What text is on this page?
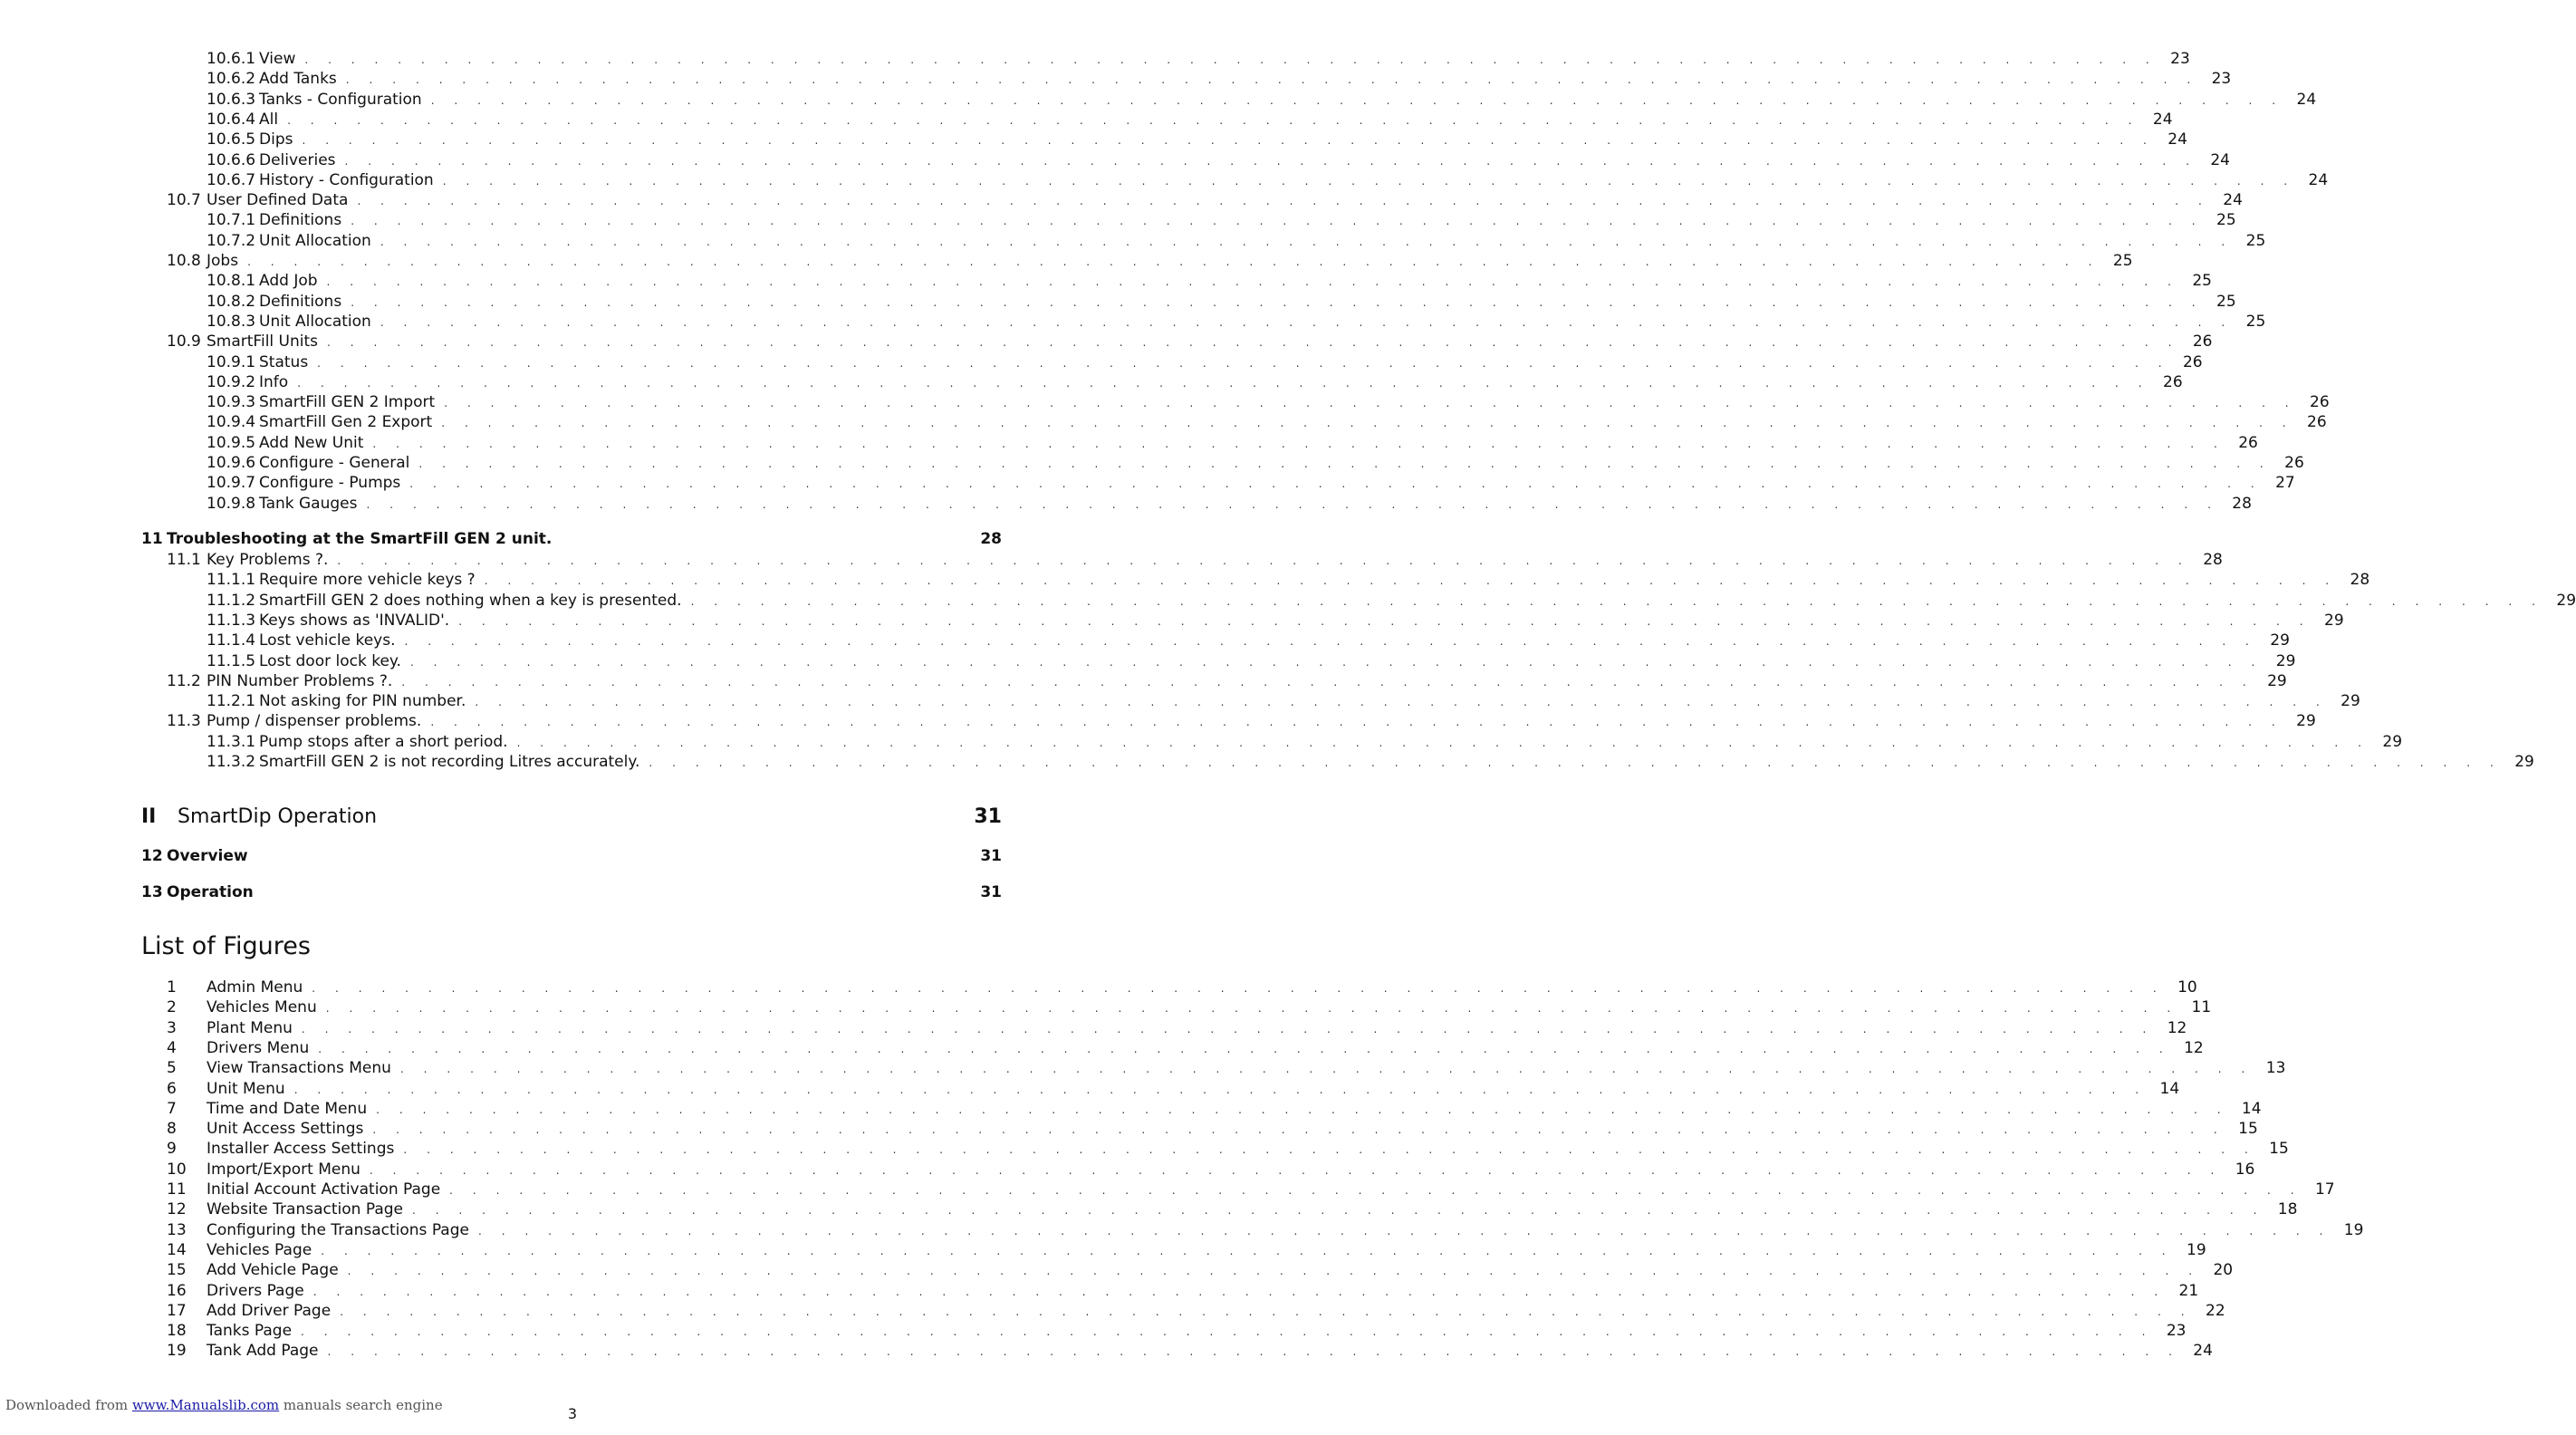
10.6.1 View . . . . . . . . . . . . . . . . . . . . . . . . . . . . . . . . . . . . . . . . . . . . . . . . . . . . . . . . . . . . . . . . . . . . . . . . . . . . . . . . 23
10.6.2 Add Tanks . . . . . . . . . . . . . . . . . . . . . . . . . . . . . . . . . . . . . . . . . . . . . . . . . . . . . . . . . . . . . . . . . . . . . . . . . . . . . . . . 23
10.6.3 Tanks - Configuration . . . . . . . . . . . . . . . . . . . . . . . . . . . . . . . . . . . . . . . . . . . . . . . . . . . . . . . . . . . . . . . . . . . . . . . . . . . . . . . . 24
10.6.4 All . . . . . . . . . . . . . . . . . . . . . . . . . . . . . . . . . . . . . . . . . . . . . . . . . . . . . . . . . . . . . . . . . . . . . . . . . . . . . . . . 24
10.6.5 Dips . . . . . . . . . . . . . . . . . . . . . . . . . . . . . . . . . . . . . . . . . . . . . . . . . . . . . . . . . . . . . . . . . . . . . . . . . . . . . . . . 24
10.6.6 Deliveries . . . . . . . . . . . . . . . . . . . . . . . . . . . . . . . . . . . . . . . . . . . . . . . . . . . . . . . . . . . . . . . . . . . . . . . . . . . . . . . . 24
10.6.7 History - Configuration . . . . . . . . . . . . . . . . . . . . . . . . . . . . . . . . . . . . . . . . . . . . . . . . . . . . . . . . . . . . . . . . . . . . . . . . . . . . . . . . 24
10.7 User Defined Data . . . . . . . . . . . . . . . . . . . . . . . . . . . . . . . . . . . . . . . . . . . . . . . . . . . . . . . . . . . . . . . . . . . . . . . . . . . . . . . . 24
10.7.1 Definitions . . . . . . . . . . . . . . . . . . . . . . . . . . . . . . . . . . . . . . . . . . . . . . . . . . . . . . . . . . . . . . . . . . . . . . . . . . . . . . . . 25
10.7.2 Unit Allocation . . . . . . . . . . . . . . . . . . . . . . . . . . . . . . . . . . . . . . . . . . . . . . . . . . . . . . . . . . . . . . . . . . . . . . . . . . . . . . . . 25
10.8 Jobs . . . . . . . . . . . . . . . . . . . . . . . . . . . . . . . . . . . . . . . . . . . . . . . . . . . . . . . . . . . . . . . . . . . . . . . . . . . . . . . . 25
10.8.1 Add Job . . . . . . . . . . . . . . . . . . . . . . . . . . . . . . . . . . . . . . . . . . . . . . . . . . . . . . . . . . . . . . . . . . . . . . . . . . . . . . . . 25
10.8.2 Definitions . . . . . . . . . . . . . . . . . . . . . . . . . . . . . . . . . . . . . . . . . . . . . . . . . . . . . . . . . . . . . . . . . . . . . . . . . . . . . . . . 25
10.8.3 Unit Allocation . . . . . . . . . . . . . . . . . . . . . . . . . . . . . . . . . . . . . . . . . . . . . . . . . . . . . . . . . . . . . . . . . . . . . . . . . . . . . . . . 25
10.9 SmartFill Units . . . . . . . . . . . . . . . . . . . . . . . . . . . . . . . . . . . . . . . . . . . . . . . . . . . . . . . . . . . . . . . . . . . . . . . . . . . . . . . . 26
10.9.1 Status . . . . . . . . . . . . . . . . . . . . . . . . . . . . . . . . . . . . . . . . . . . . . . . . . . . . . . . . . . . . . . . . . . . . . . . . . . . . . . . . 26
10.9.2 Info . . . . . . . . . . . . . . . . . . . . . . . . . . . . . . . . . . . . . . . . . . . . . . . . . . . . . . . . . . . . . . . . . . . . . . . . . . . . . . . . 26
10.9.3 SmartFill GEN 2 Import . . . . . . . . . . . . . . . . . . . . . . . . . . . . . . . . . . . . . . . . . . . . . . . . . . . . . . . . . . . . . . . . . . . . . . . . . . . . . . . . 26
10.9.4 SmartFill Gen 2 Export . . . . . . . . . . . . . . . . . . . . . . . . . . . . . . . . . . . . . . . . . . . . . . . . . . . . . . . . . . . . . . . . . . . . . . . . . . . . . . . . 26
10.9.5 Add New Unit . . . . . . . . . . . . . . . . . . . . . . . . . . . . . . . . . . . . . . . . . . . . . . . . . . . . . . . . . . . . . . . . . . . . . . . . . . . . . . . . 26
10.9.6 Configure - General . . . . . . . . . . . . . . . . . . . . . . . . . . . . . . . . . . . . . . . . . . . . . . . . . . . . . . . . . . . . . . . . . . . . . . . . . . . . . . . . 26
10.9.7 Configure - Pumps . . . . . . . . . . . . . . . . . . . . . . . . . . . . . . . . . . . . . . . . . . . . . . . . . . . . . . . . . . . . . . . . . . . . . . . . . . . . . . . . 27
10.9.8 Tank Gauges . . . . . . . . . . . . . . . . . . . . . . . . . . . . . . . . . . . . . . . . . . . . . . . . . . . . . . . . . . . . . . . . . . . . . . . . . . . . . . . . 28
11 Troubleshooting at the SmartFill GEN 2 unit.	28
11.1 Key Problems ?. . . . . . . . . . . . . . . . . . . . . . . . . . . . . . . . . . . . . . . . . . . . . . . . . . . . . . . . . . . . . . . . . . . . . . . . . . . . . . . . . 28
11.1.1 Require more vehicle keys ? . . . . . . . . . . . . . . . . . . . . . . . . . . . . . . . . . . . . . . . . . . . . . . . . . . . . . . . . . . . . . . . . . . . . . . . . . . . . . . . . 28
11.1.2 SmartFill GEN 2 does nothing when a key is presented. . . . . . . . . . . . . . . . . . . . . . . . . . . . . . . . . . . . . . . . . . . . . . . . . . . . . . . . . . . . . . . . . . . . . . . . . . . . . . . . . 29
11.1.3 Keys shows as 'INVALID'. . . . . . . . . . . . . . . . . . . . . . . . . . . . . . . . . . . . . . . . . . . . . . . . . . . . . . . . . . . . . . . . . . . . . . . . . . . . . . . . . 29
11.1.4 Lost vehicle keys. . . . . . . . . . . . . . . . . . . . . . . . . . . . . . . . . . . . . . . . . . . . . . . . . . . . . . . . . . . . . . . . . . . . . . . . . . . . . . . . . 29
11.1.5 Lost door lock key. . . . . . . . . . . . . . . . . . . . . . . . . . . . . . . . . . . . . . . . . . . . . . . . . . . . . . . . . . . . . . . . . . . . . . . . . . . . . . . . . 29
11.2 PIN Number Problems ?. . . . . . . . . . . . . . . . . . . . . . . . . . . . . . . . . . . . . . . . . . . . . . . . . . . . . . . . . . . . . . . . . . . . . . . . . . . . . . . . . 29
11.2.1 Not asking for PIN number. . . . . . . . . . . . . . . . . . . . . . . . . . . . . . . . . . . . . . . . . . . . . . . . . . . . . . . . . . . . . . . . . . . . . . . . . . . . . . . . . 29
11.3 Pump / dispenser problems. . . . . . . . . . . . . . . . . . . . . . . . . . . . . . . . . . . . . . . . . . . . . . . . . . . . . . . . . . . . . . . . . . . . . . . . . . . . . . . . . 29
11.3.1 Pump stops after a short period. . . . . . . . . . . . . . . . . . . . . . . . . . . . . . . . . . . . . . . . . . . . . . . . . . . . . . . . . . . . . . . . . . . . . . . . . . . . . . . . . 29
11.3.2 SmartFill GEN 2 is not recording Litres accurately. . . . . . . . . . . . . . . . . . . . . . . . . . . . . . . . . . . . . . . . . . . . . . . . . . . . . . . . . . . . . . . . . . . . . . . . . . . . . . . . . 29
II	SmartDip Operation	31
12 Overview	31
13 Operation	31
List of Figures
1	Admin Menu . . . . . . . . . . . . . . . . . . . . . . . . . . . . . . . . . . . . . . . . . . . . . . . . . . . . . . . . . . . . . . . . . . . . . . . . . . . . . . . . 10
2	Vehicles Menu . . . . . . . . . . . . . . . . . . . . . . . . . . . . . . . . . . . . . . . . . . . . . . . . . . . . . . . . . . . . . . . . . . . . . . . . . . . . . . . . 11
3	Plant Menu . . . . . . . . . . . . . . . . . . . . . . . . . . . . . . . . . . . . . . . . . . . . . . . . . . . . . . . . . . . . . . . . . . . . . . . . . . . . . . . . 12
4	Drivers Menu . . . . . . . . . . . . . . . . . . . . . . . . . . . . . . . . . . . . . . . . . . . . . . . . . . . . . . . . . . . . . . . . . . . . . . . . . . . . . . . . 12
5	View Transactions Menu . . . . . . . . . . . . . . . . . . . . . . . . . . . . . . . . . . . . . . . . . . . . . . . . . . . . . . . . . . . . . . . . . . . . . . . . . . . . . . . . 13
6	Unit Menu . . . . . . . . . . . . . . . . . . . . . . . . . . . . . . . . . . . . . . . . . . . . . . . . . . . . . . . . . . . . . . . . . . . . . . . . . . . . . . . . 14
7	Time and Date Menu . . . . . . . . . . . . . . . . . . . . . . . . . . . . . . . . . . . . . . . . . . . . . . . . . . . . . . . . . . . . . . . . . . . . . . . . . . . . . . . . 14
8	Unit Access Settings . . . . . . . . . . . . . . . . . . . . . . . . . . . . . . . . . . . . . . . . . . . . . . . . . . . . . . . . . . . . . . . . . . . . . . . . . . . . . . . . 15
9	Installer Access Settings . . . . . . . . . . . . . . . . . . . . . . . . . . . . . . . . . . . . . . . . . . . . . . . . . . . . . . . . . . . . . . . . . . . . . . . . . . . . . . . . 15
10	Import/Export Menu . . . . . . . . . . . . . . . . . . . . . . . . . . . . . . . . . . . . . . . . . . . . . . . . . . . . . . . . . . . . . . . . . . . . . . . . . . . . . . . . 16
11	Initial Account Activation Page . . . . . . . . . . . . . . . . . . . . . . . . . . . . . . . . . . . . . . . . . . . . . . . . . . . . . . . . . . . . . . . . . . . . . . . . . . . . . . . . 17
12	Website Transaction Page . . . . . . . . . . . . . . . . . . . . . . . . . . . . . . . . . . . . . . . . . . . . . . . . . . . . . . . . . . . . . . . . . . . . . . . . . . . . . . . . 18
13	Configuring the Transactions Page . . . . . . . . . . . . . . . . . . . . . . . . . . . . . . . . . . . . . . . . . . . . . . . . . . . . . . . . . . . . . . . . . . . . . . . . . . . . . . . . 19
14	Vehicles Page . . . . . . . . . . . . . . . . . . . . . . . . . . . . . . . . . . . . . . . . . . . . . . . . . . . . . . . . . . . . . . . . . . . . . . . . . . . . . . . . 19
15	Add Vehicle Page . . . . . . . . . . . . . . . . . . . . . . . . . . . . . . . . . . . . . . . . . . . . . . . . . . . . . . . . . . . . . . . . . . . . . . . . . . . . . . . . 20
16	Drivers Page . . . . . . . . . . . . . . . . . . . . . . . . . . . . . . . . . . . . . . . . . . . . . . . . . . . . . . . . . . . . . . . . . . . . . . . . . . . . . . . . 21
17	Add Driver Page . . . . . . . . . . . . . . . . . . . . . . . . . . . . . . . . . . . . . . . . . . . . . . . . . . . . . . . . . . . . . . . . . . . . . . . . . . . . . . . . 22
18	Tanks Page . . . . . . . . . . . . . . . . . . . . . . . . . . . . . . . . . . . . . . . . . . . . . . . . . . . . . . . . . . . . . . . . . . . . . . . . . . . . . . . . 23
19	Tank Add Page . . . . . . . . . . . . . . . . . . . . . . . . . . . . . . . . . . . . . . . . . . . . . . . . . . . . . . . . . . . . . . . . . . . . . . . . . . . . . . . . 24
Downloaded from www.Manualslib.com manuals search engine	3
